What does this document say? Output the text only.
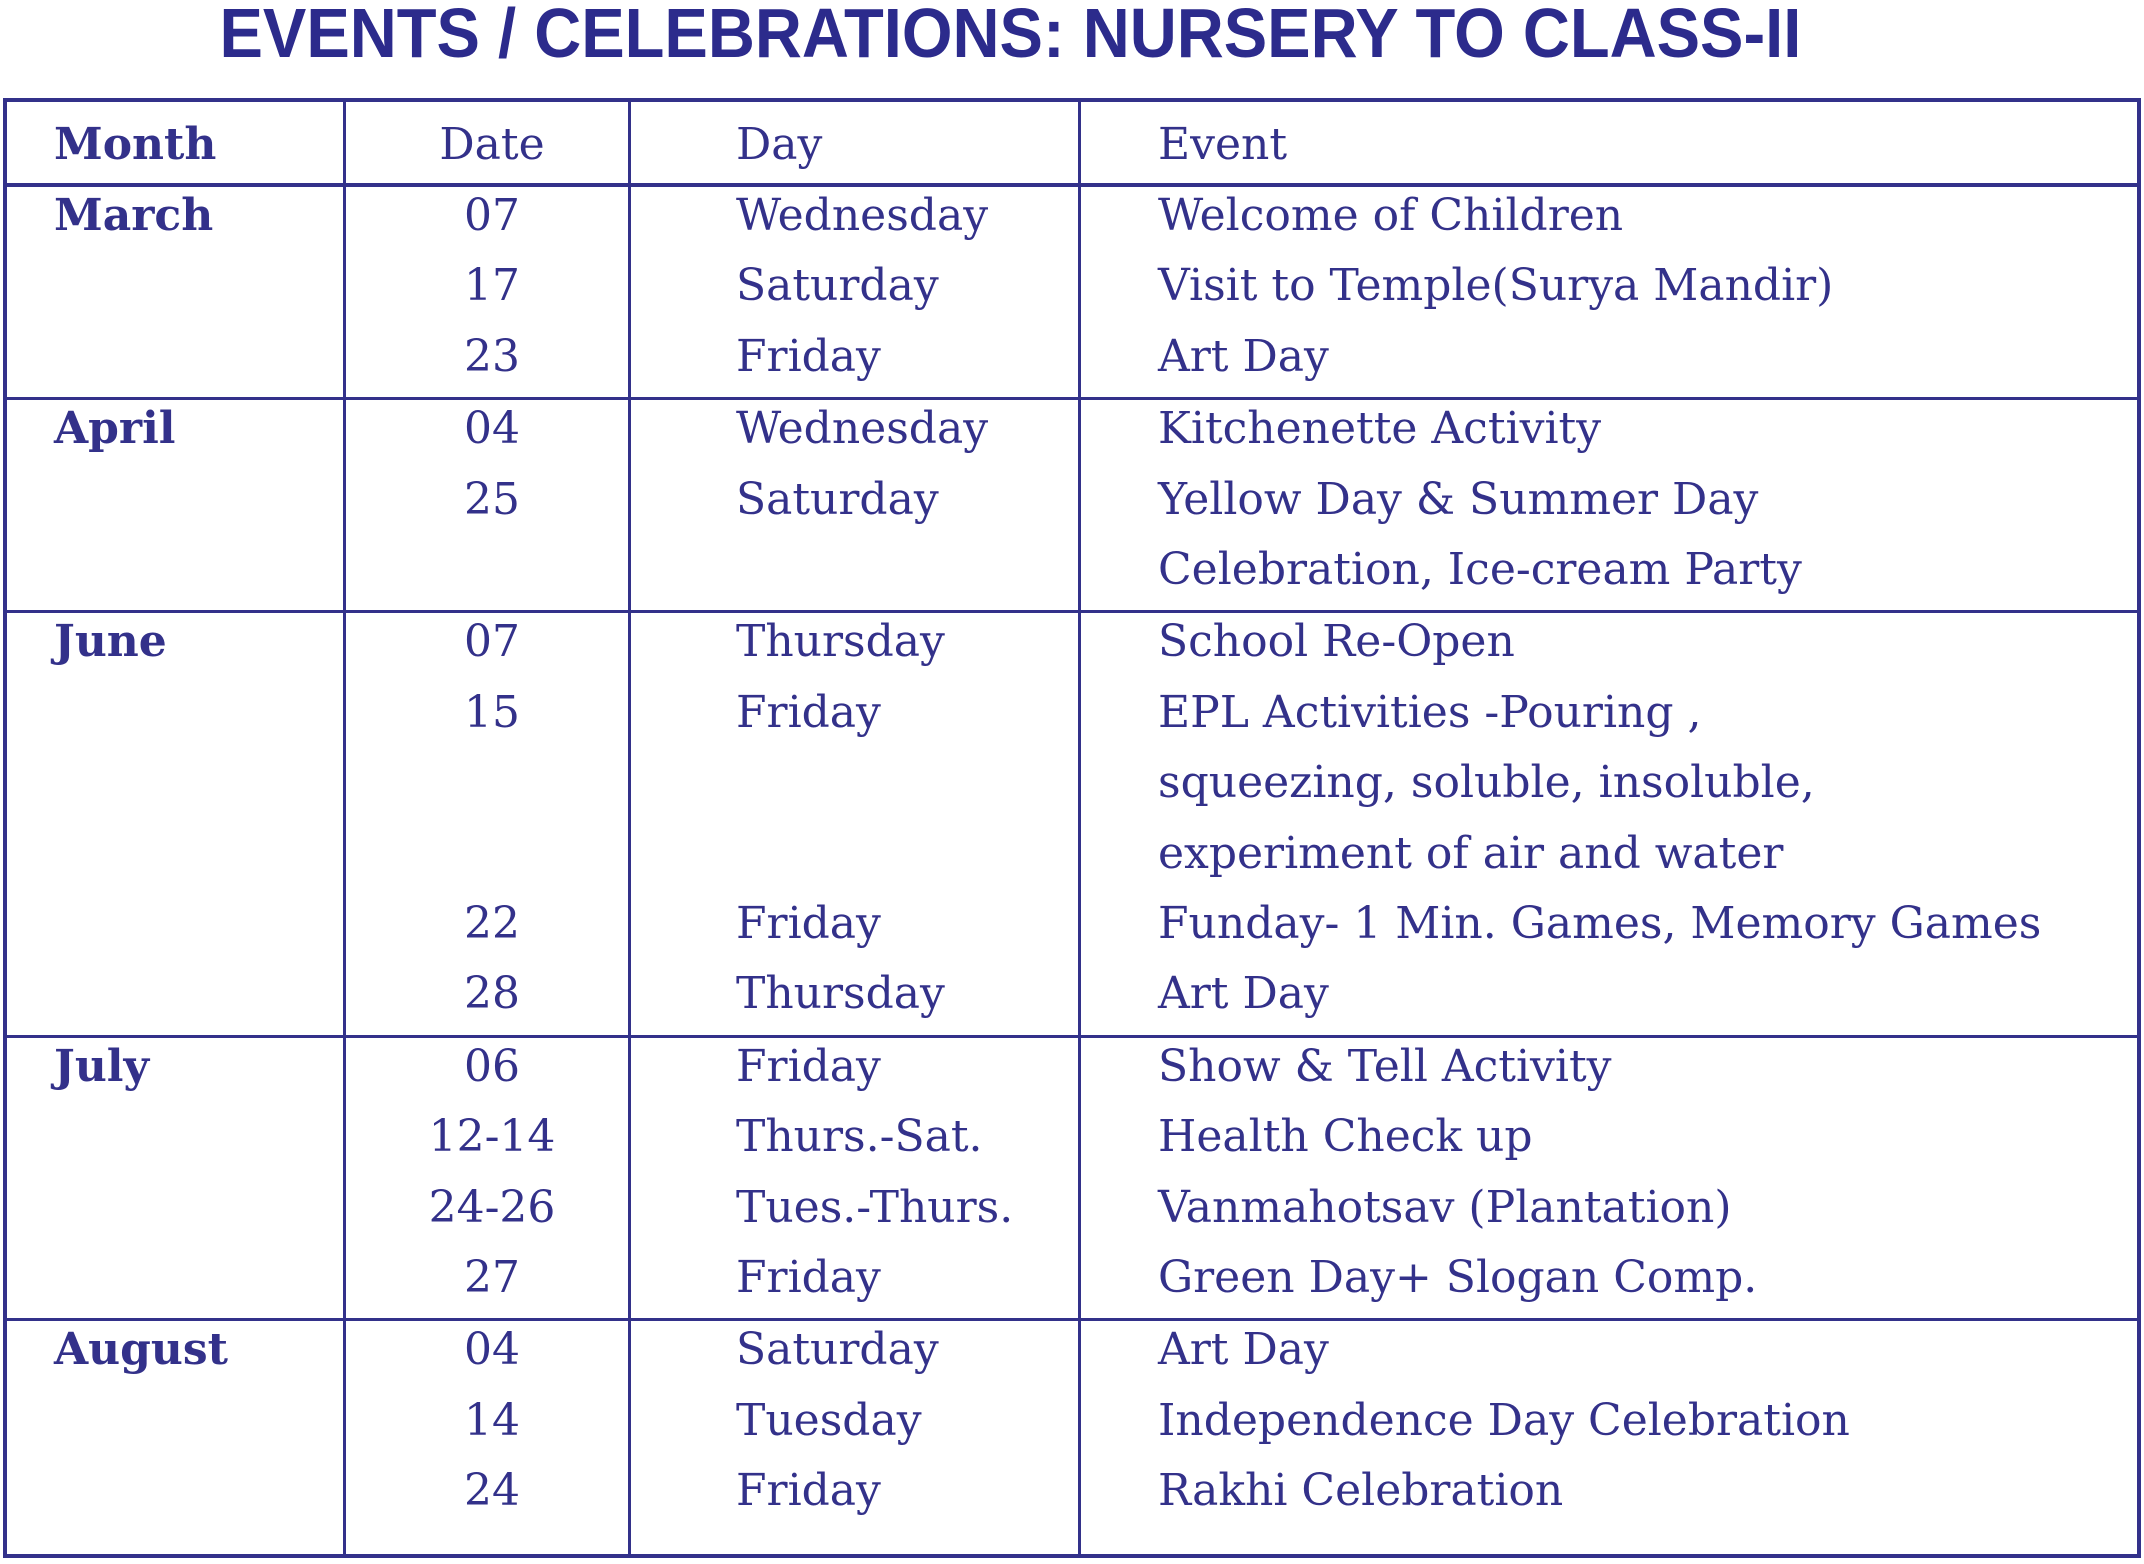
EVENTS / CELEBRATIONS: NURSERY TO CLASS-II
Month	Date	Day	Event
March	07	Wednesday	Welcome of Children
17	Saturday	Visit to Temple(Surya Mandir)
23	Friday	Art Day
April	04	Wednesday	Kitchenette Activity
25	Saturday	Yellow Day & Summer Day
Celebration, Ice-cream Party
June	07	Thursday	School Re-Open
15	Friday	EPL Activities -Pouring ,
squeezing, soluble, insoluble,
experiment of air and water
22	Friday	Funday- 1 Min. Games, Memory Games
28	Thursday	Art Day
July	06	Friday	Show & Tell Activity
12-14	Thurs.-Sat.	Health Check up
24-26	Tues.-Thurs.	Vanmahotsav (Plantation)
27	Friday	Green Day+ Slogan Comp.
August	04	Saturday	Art Day
14	Tuesday	Independence Day Celebration
24	Friday	Rakhi Celebration
